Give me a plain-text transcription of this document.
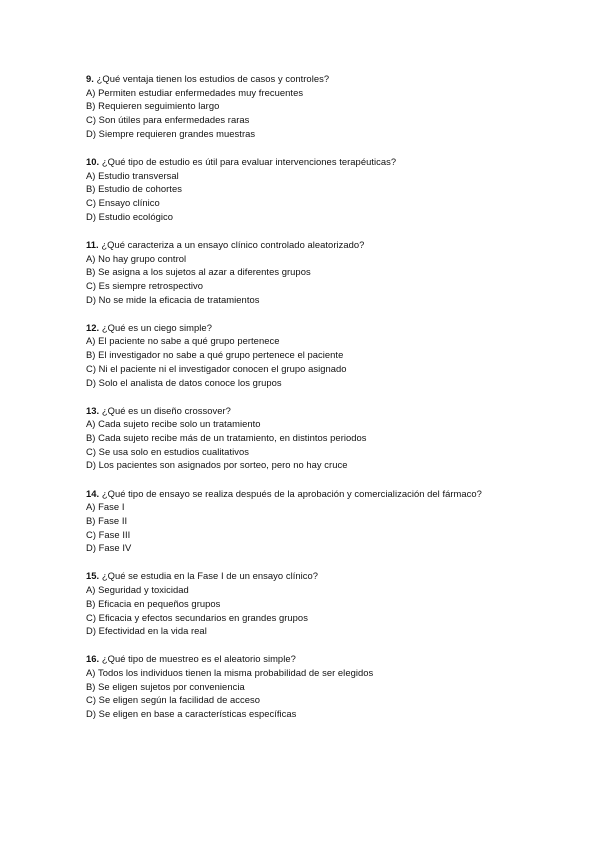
9. ¿Qué ventaja tienen los estudios de casos y controles?
A) Permiten estudiar enfermedades muy frecuentes
B) Requieren seguimiento largo
C) Son útiles para enfermedades raras
D) Siempre requieren grandes muestras
10. ¿Qué tipo de estudio es útil para evaluar intervenciones terapéuticas?
A) Estudio transversal
B) Estudio de cohortes
C) Ensayo clínico
D) Estudio ecológico
11. ¿Qué caracteriza a un ensayo clínico controlado aleatorizado?
A) No hay grupo control
B) Se asigna a los sujetos al azar a diferentes grupos
C) Es siempre retrospectivo
D) No se mide la eficacia de tratamientos
12. ¿Qué es un ciego simple?
A) El paciente no sabe a qué grupo pertenece
B) El investigador no sabe a qué grupo pertenece el paciente
C) Ni el paciente ni el investigador conocen el grupo asignado
D) Solo el analista de datos conoce los grupos
13. ¿Qué es un diseño crossover?
A) Cada sujeto recibe solo un tratamiento
B) Cada sujeto recibe más de un tratamiento, en distintos periodos
C) Se usa solo en estudios cualitativos
D) Los pacientes son asignados por sorteo, pero no hay cruce
14. ¿Qué tipo de ensayo se realiza después de la aprobación y comercialización del fármaco?
A) Fase I
B) Fase II
C) Fase III
D) Fase IV
15. ¿Qué se estudia en la Fase I de un ensayo clínico?
A) Seguridad y toxicidad
B) Eficacia en pequeños grupos
C) Eficacia y efectos secundarios en grandes grupos
D) Efectividad en la vida real
16. ¿Qué tipo de muestreo es el aleatorio simple?
A) Todos los individuos tienen la misma probabilidad de ser elegidos
B) Se eligen sujetos por conveniencia
C) Se eligen según la facilidad de acceso
D) Se eligen en base a características específicas
